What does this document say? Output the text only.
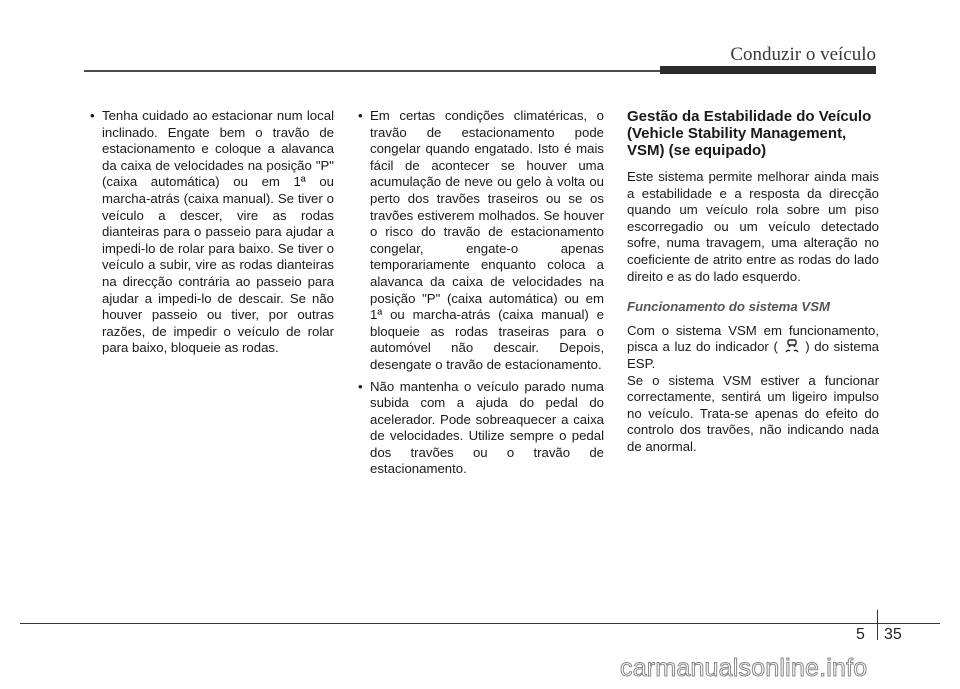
Conduzir o veículo

• Tenha cuidado ao estacionar num local inclinado. Engate bem o travão de estacionamento e coloque a alavanca da caixa de velocidades na posição "P" (caixa automática) ou em 1ª ou marcha-atrás (caixa manual). Se tiver o veículo a descer, vire as rodas dianteiras para o passeio para ajudar a impedi-lo de rolar para baixo. Se tiver o veículo a subir, vire as rodas dianteiras na direcção contrária ao passeio para ajudar a impedi-lo de descair. Se não houver passeio ou tiver, por outras razões, de impedir o veículo de rolar para baixo, bloqueie as rodas.

• Em certas condições climatéricas, o travão de estacionamento pode congelar quando engatado. Isto é mais fácil de acontecer se houver uma acumulação de neve ou gelo à volta ou perto dos travões traseiros ou se os travões estiverem molhados. Se houver o risco do travão de estacionamento congelar, engate-o apenas temporariamente enquanto coloca a alavanca da caixa de velocidades na posição "P" (caixa automática) ou em 1ª ou marcha-atrás (caixa manual) e bloqueie as rodas traseiras para o automóvel não descair. Depois, desengate o travão de estacionamento.

• Não mantenha o veículo parado numa subida com a ajuda do pedal do acelerador. Pode sobreaquecer a caixa de velocidades. Utilize sempre o pedal dos travões ou o travão de estacionamento.

Gestão da Estabilidade do Veículo (Vehicle Stability Management, VSM) (se equipado)

Este sistema permite melhorar ainda mais a estabilidade e a resposta da direcção quando um veículo rola sobre um piso escorregadio ou um veículo detectado sofre, numa travagem, uma alteração no coeficiente de atrito entre as rodas do lado direito e as do lado esquerdo.

Funcionamento do sistema VSM

Com o sistema VSM em funcionamento, pisca a luz do indicador ( ) do sistema ESP.
Se o sistema VSM estiver a funcionar correctamente, sentirá um ligeiro impulso no veículo. Trata-se apenas do efeito do controlo dos travões, não indicando nada de anormal.

5 35
carmanualsonline.info
